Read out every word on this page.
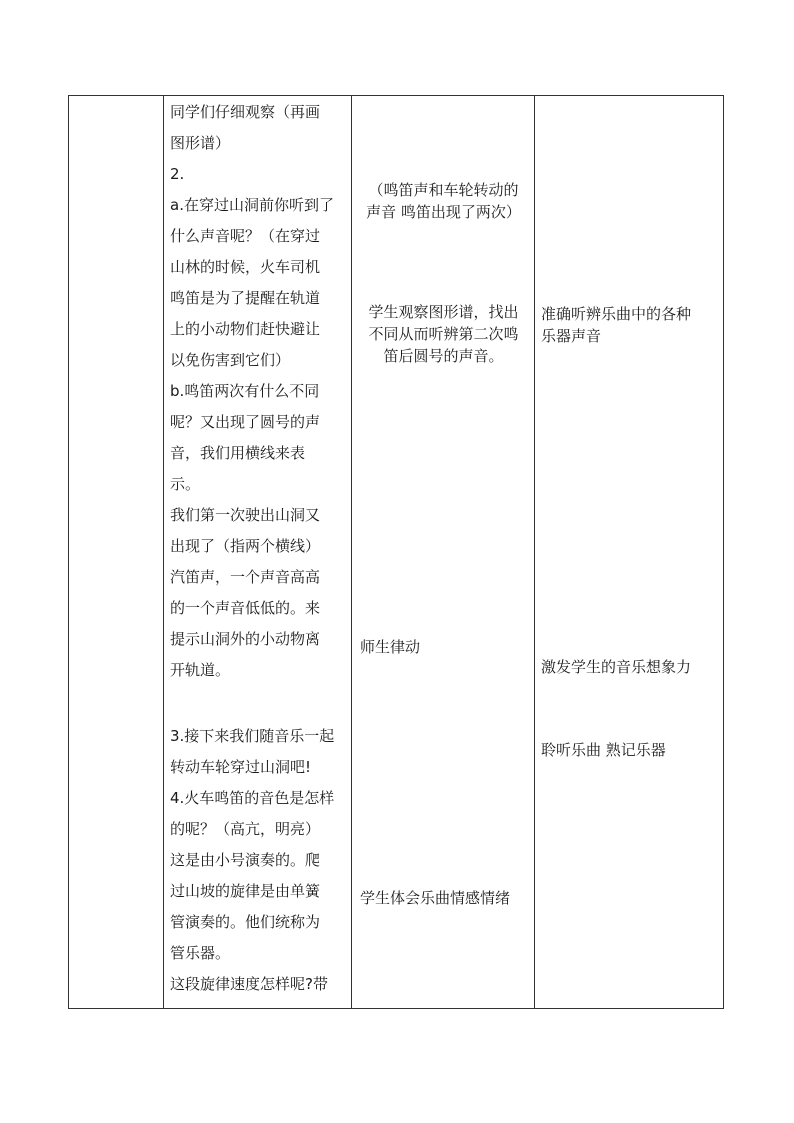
同学们仔细观察（再画

图形谱）

2.

a.在穿过山洞前你听到了

什么声音呢？（在穿过

山林的时候，火车司机

鸣笛是为了提醒在轨道

上的小动物们赶快避让

以免伤害到它们）

b.鸣笛两次有什么不同

呢？又出现了圆号的声

音，我们用横线来表

示。

我们第一次驶出山洞又

出现了（指两个横线）

汽笛声，一个声音高高

的一个声音低低的。来

提示山洞外的小动物离

开轨道。

3.接下来我们随音乐一起

转动车轮穿过山洞吧!

4.火车鸣笛的音色是怎样

的呢？（高亢，明亮）

这是由小号演奏的。爬

过山坡的旋律是由单簧

管演奏的。他们统称为

管乐器。

这段旋律速度怎样呢?带

（鸣笛声和车轮转动的

声音 鸣笛出现了两次）

学生观察图形谱，找出

不同从而听辨第二次鸣

笛后圆号的声音。

师生律动

学生体会乐曲情感情绪

准确听辨乐曲中的各种

乐器声音

激发学生的音乐想象力

聆听乐曲 熟记乐器
